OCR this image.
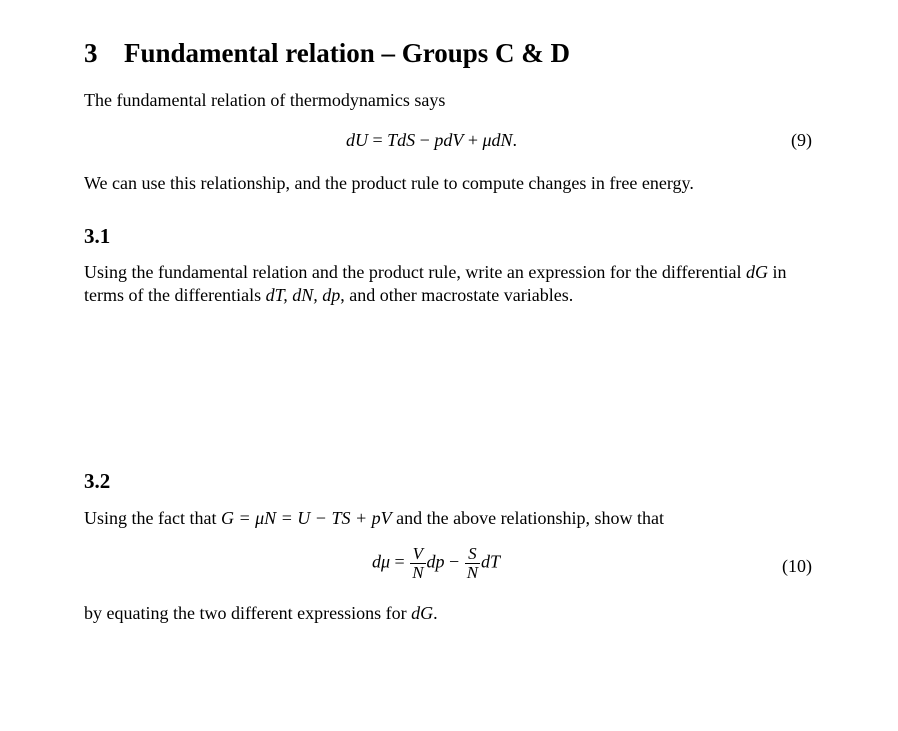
3 Fundamental relation – Groups C & D
The fundamental relation of thermodynamics says
dU = TdS − pdV + μdN.	(9)
We can use this relationship, and the product rule to compute changes in free energy.
3.1
Using the fundamental relation and the product rule, write an expression for the differential dG in
terms of the differentials dT, dN, dp, and other macrostate variables.
3.2
Using the fact that G = μN = U − TS + pV and the above relationship, show that
$d\mu = \frac{V}{N}$ dp − $\frac{S}{N}$ dT	(10)
by equating the two different expressions for dG.
